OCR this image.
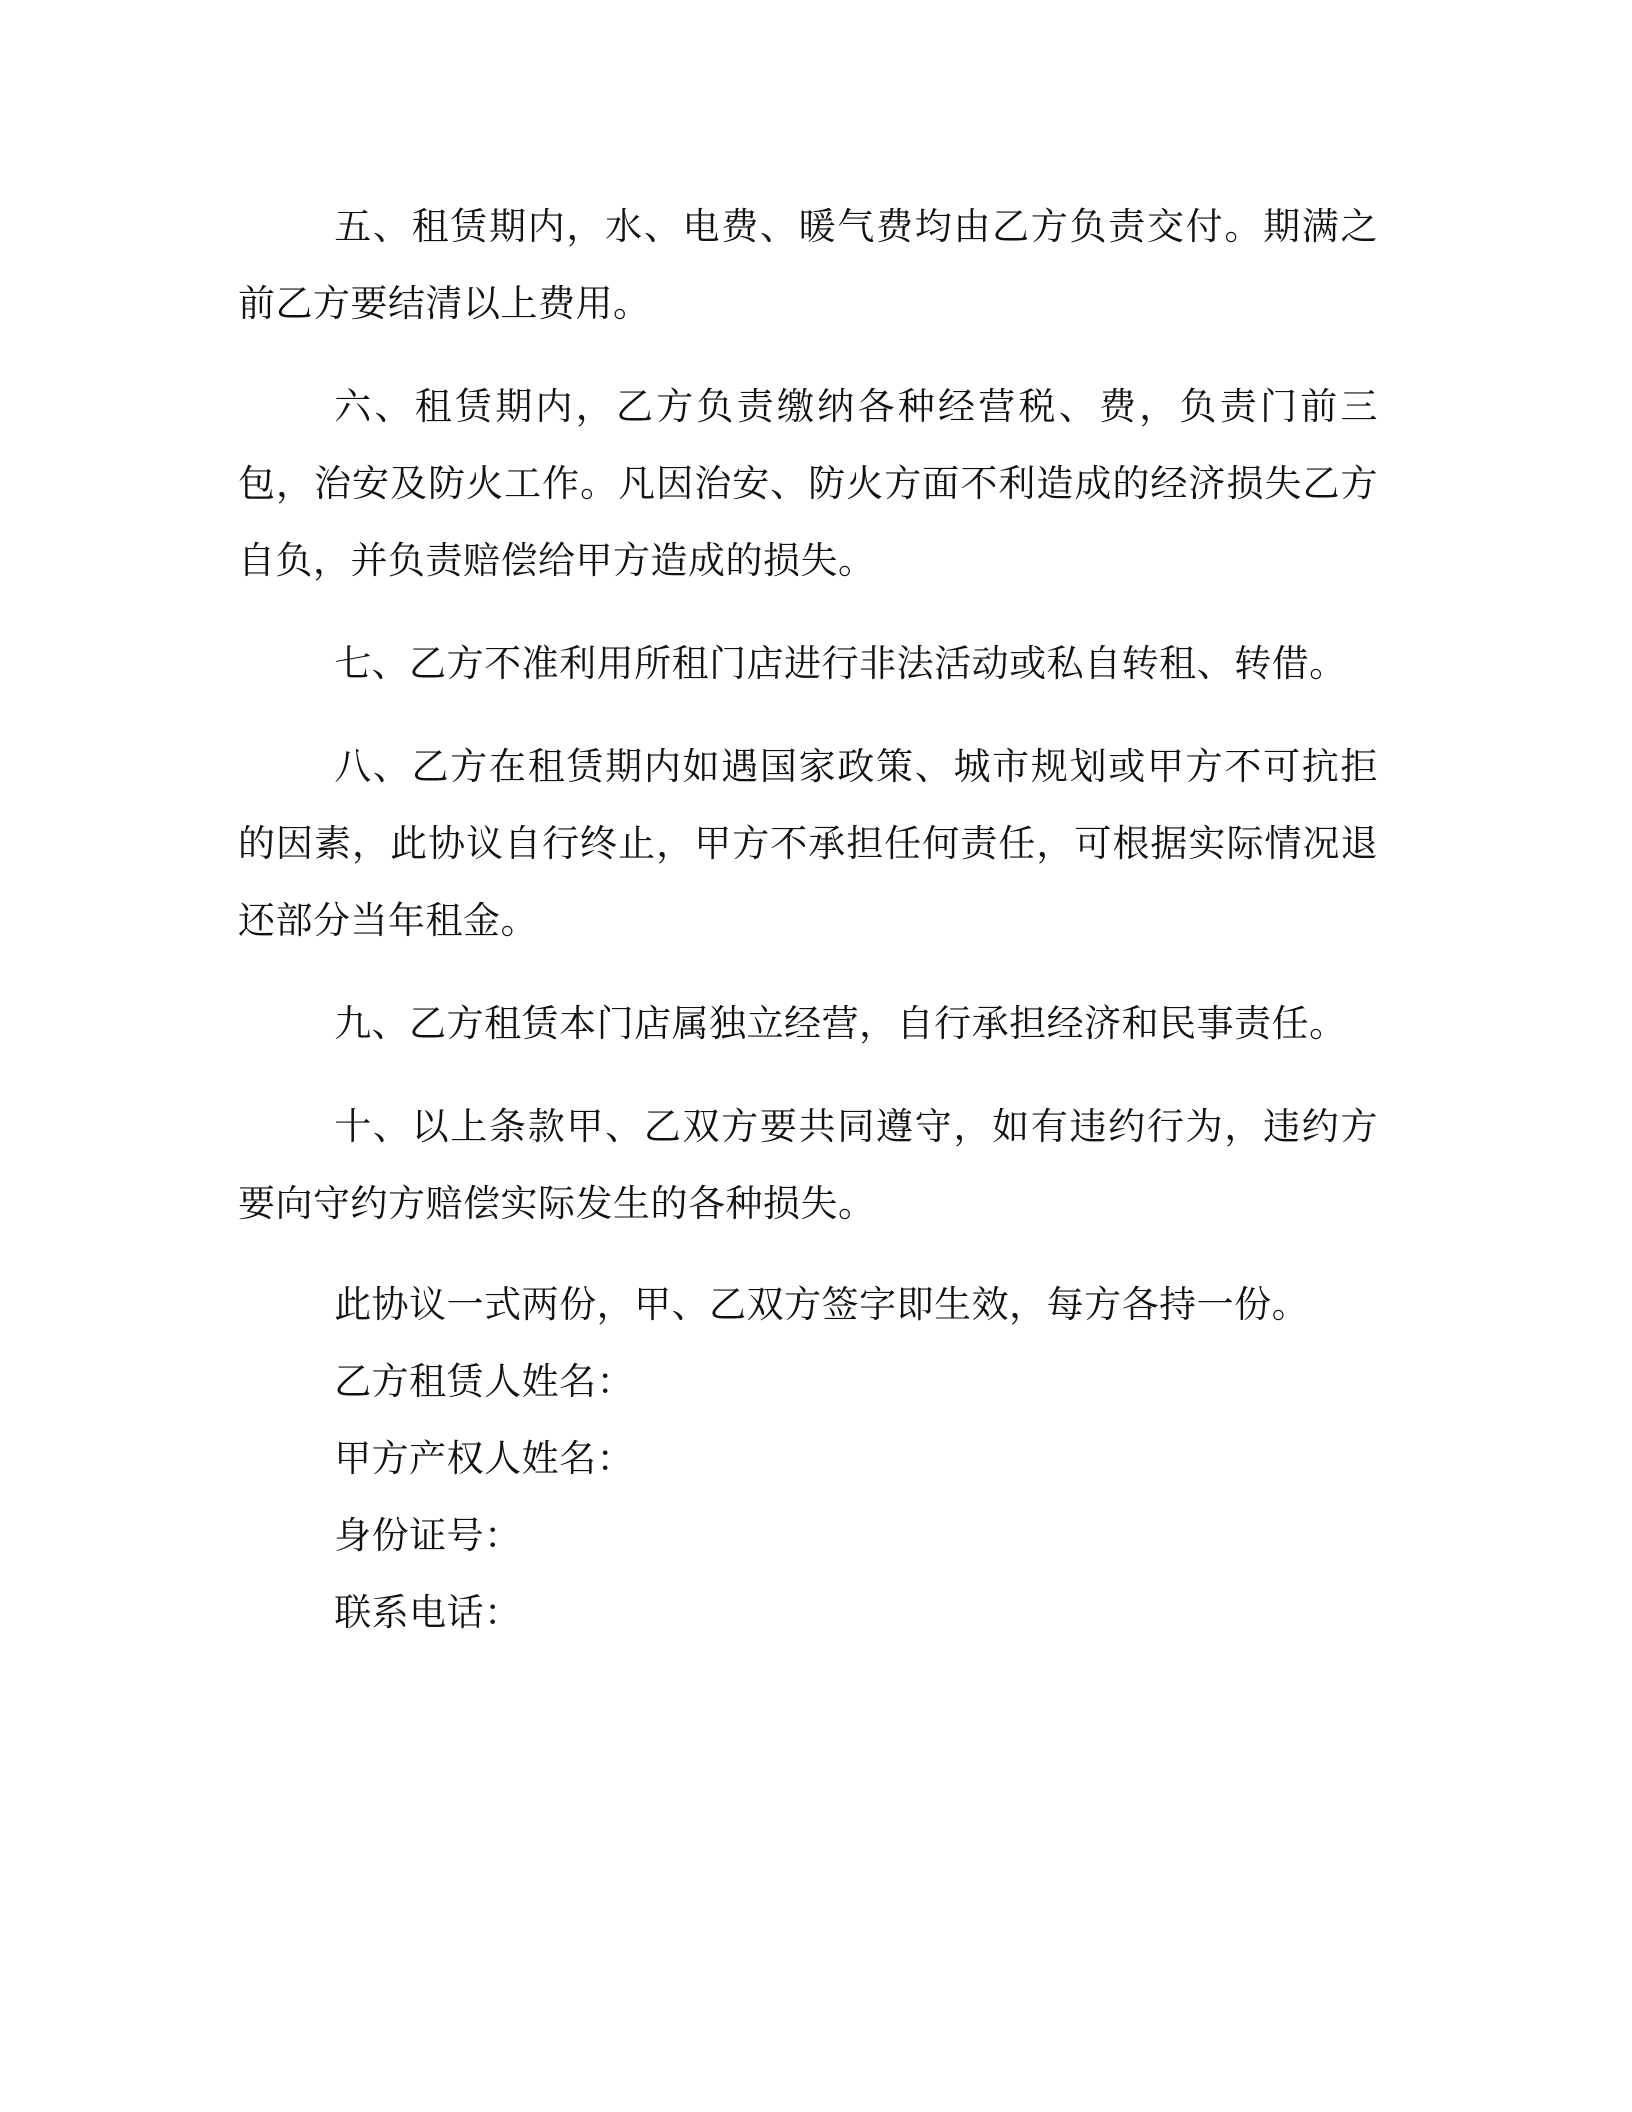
五、租赁期内，水、电费、暖气费均由乙方负责交付。期满之前乙方要结清以上费用。

六、租赁期内，乙方负责缴纳各种经营税、费，负责门前三包，治安及防火工作。凡因治安、防火方面不利造成的经济损失乙方自负，并负责赔偿给甲方造成的损失。

七、乙方不准利用所租门店进行非法活动或私自转租、转借。

八、乙方在租赁期内如遇国家政策、城市规划或甲方不可抗拒的因素，此协议自行终止，甲方不承担任何责任，可根据实际情况退还部分当年租金。

九、乙方租赁本门店属独立经营，自行承担经济和民事责任。

十、以上条款甲、乙双方要共同遵守，如有违约行为，违约方要向守约方赔偿实际发生的各种损失。

此协议一式两份，甲、乙双方签字即生效，每方各持一份。

乙方租赁人姓名：

甲方产权人姓名：

身份证号：

联系电话：
